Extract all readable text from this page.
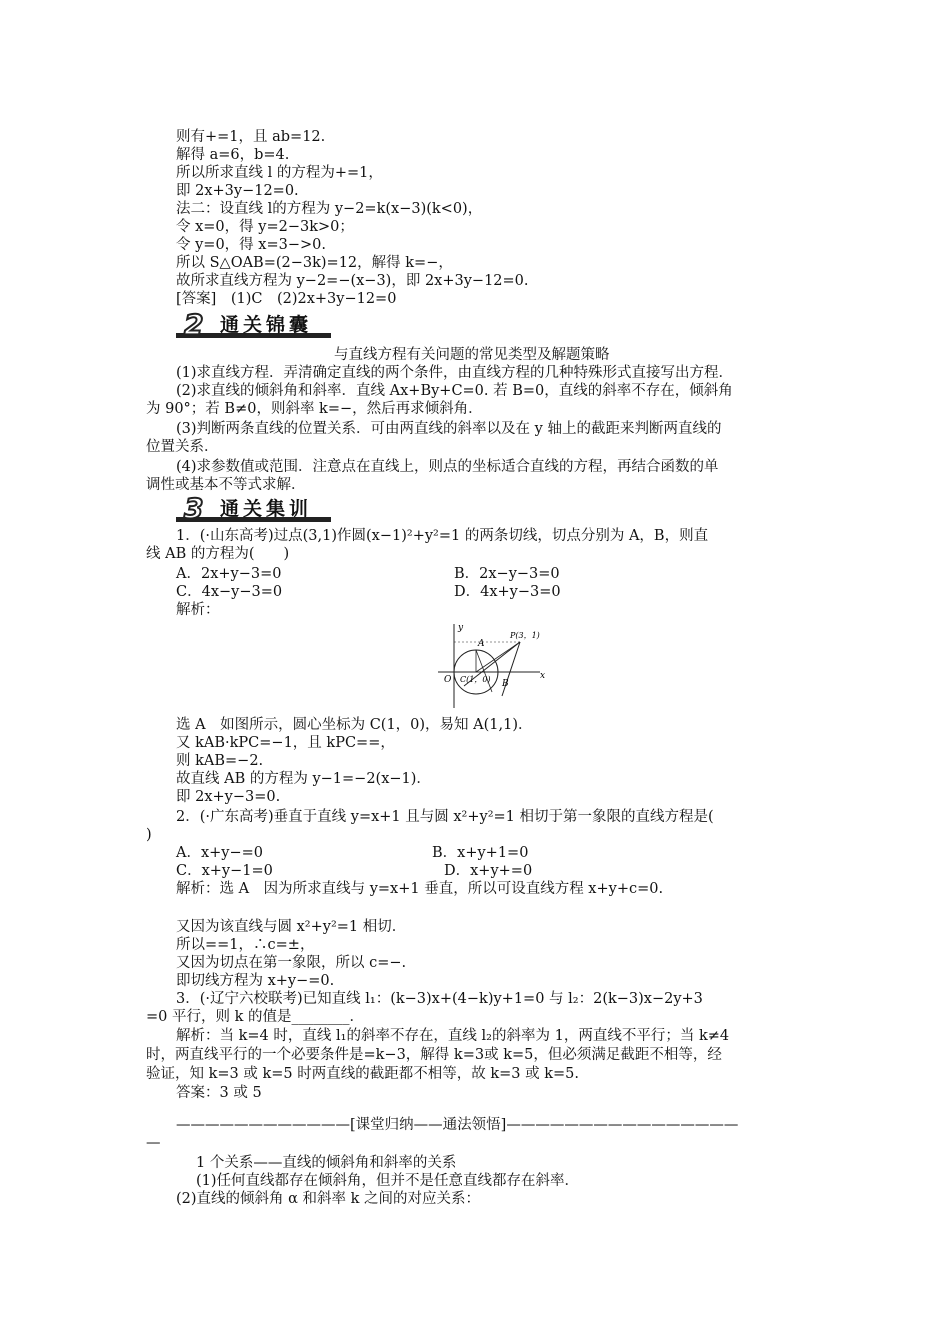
则有+=1，且 ab=12.
解得 a=6，b=4.
所以所求直线 l 的方程为+=1，
即 2x+3y−12=0.
法二：设直线 l的方程为 y−2=k(x−3)(k<0)，
令 x=0，得 y=2−3k>0；
令 y=0，得 x=3−>0.
所以 S△OAB=(2−3k)=12，解得 k=−，
故所求直线方程为 y−2=−(x−3)，即 2x+3y−12=0.
[答案]　(1)C　(2)2x+3y−12=0
2 通关锦囊
与直线方程有关问题的常见类型及解题策略
(1)求直线方程．弄清确定直线的两个条件，由直线方程的几种特殊形式直接写出方程．
(2)求直线的倾斜角和斜率．直线 Ax+By+C=0. 若 B=0，直线的斜率不存在，倾斜角
为 90°；若 B≠0，则斜率 k=−，然后再求倾斜角．
(3)判断两条直线的位置关系．可由两直线的斜率以及在 y 轴上的截距来判断两直线的
位置关系．
(4)求参数值或范围．注意点在直线上，则点的坐标适合直线的方程，再结合函数的单
调性或基本不等式求解．
3 通关集训
1．(·山东高考)过点(3,1)作圆(x−1)²+y²=1 的两条切线，切点分别为 A，B，则直
线 AB 的方程为(　　)
A．2x+y−3=0	B．2x−y−3=0
C．4x−y−3=0	D．4x+y−3=0
解析：
y
x
O
A
B
P(3，1)
C(1，0)
选 A　如图所示，圆心坐标为 C(1，0)，易知 A(1,1)．
又 kAB·kPC=−1，且 kPC==，
则 kAB=−2.
故直线 AB 的方程为 y−1=−2(x−1)．
即 2x+y−3=0.
2．(·广东高考)垂直于直线 y=x+1 且与圆 x²+y²=1 相切于第一象限的直线方程是(
)
A．x+y−=0	B．x+y+1=0
C．x+y−1=0	D．x+y+=0
解析：选 A　因为所求直线与 y=x+1 垂直，所以可设直线方程 x+y+c=0.
又因为该直线与圆 x²+y²=1 相切．
所以==1，∴c=±，
又因为切点在第一象限，所以 c=−.
即切线方程为 x+y−=0.
3．(·辽宁六校联考)已知直线 l₁：(k−3)x+(4−k)y+1=0 与 l₂：2(k−3)x−2y+3
=0 平行，则 k 的值是________．
解析：当 k=4 时，直线 l₁的斜率不存在，直线 l₂的斜率为 1，两直线不平行；当 k≠4
时，两直线平行的一个必要条件是=k−3，解得 k=3或 k=5，但必须满足截距不相等，经
验证，知 k=3 或 k=5 时两直线的截距都不相等，故 k=3 或 k=5.
答案：3 或 5
————————————[课堂归纳——通法领悟]————————————————
—
1 个关系——直线的倾斜角和斜率的关系
(1)任何直线都存在倾斜角，但并不是任意直线都存在斜率．
(2)直线的倾斜角 α 和斜率 k 之间的对应关系：
